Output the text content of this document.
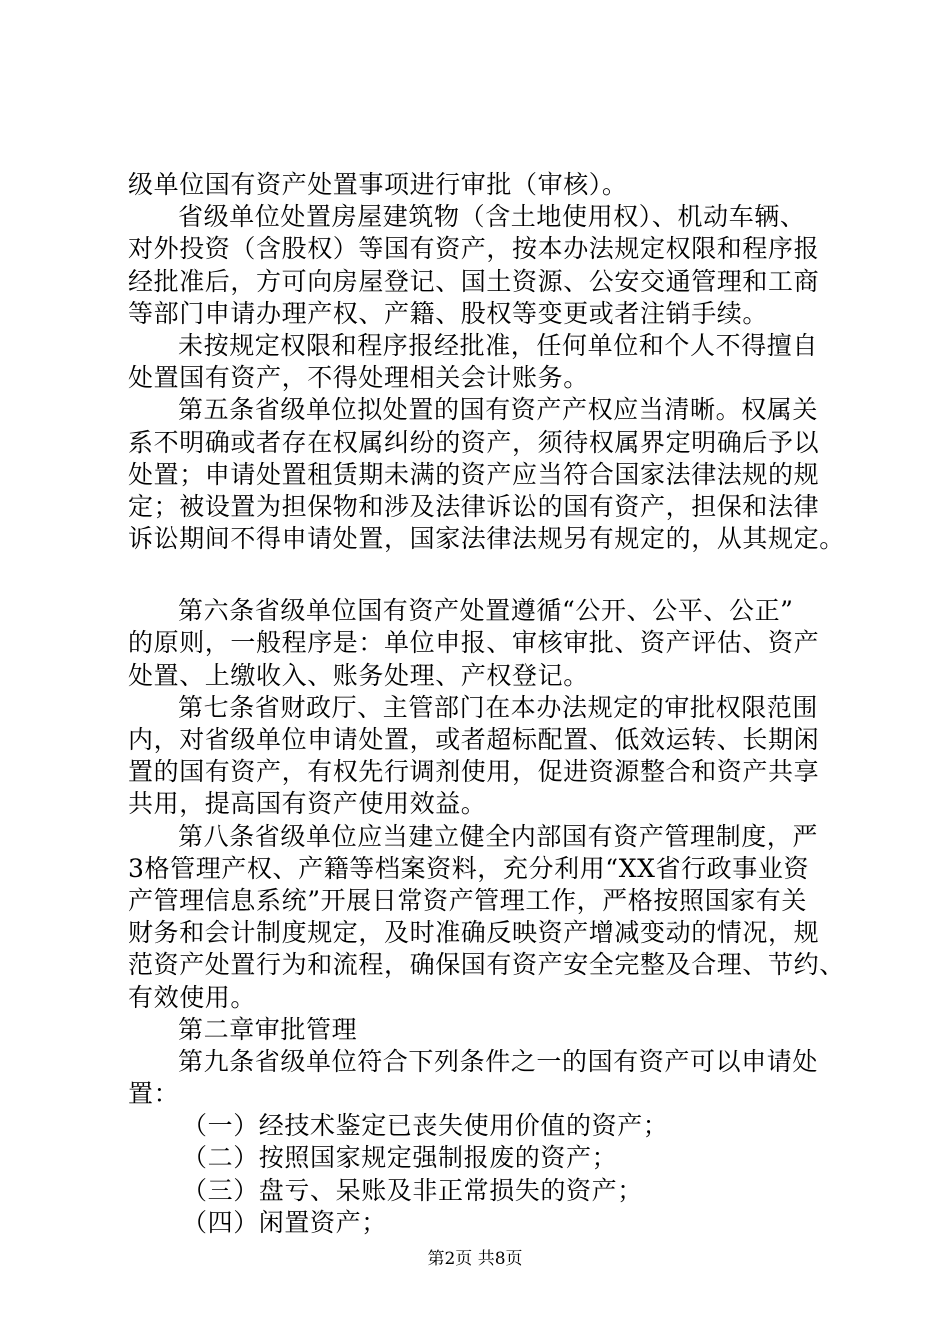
级单位国有资产处置事项进行审批（审核）。
省级单位处置房屋建筑物（含土地使用权）、机动车辆、
对外投资（含股权）等国有资产，按本办法规定权限和程序报
经批准后，方可向房屋登记、国土资源、公安交通管理和工商
等部门申请办理产权、产籍、股权等变更或者注销手续。
未按规定权限和程序报经批准，任何单位和个人不得擅自
处置国有资产，不得处理相关会计账务。
第五条省级单位拟处置的国有资产产权应当清晰。权属关
系不明确或者存在权属纠纷的资产，须待权属界定明确后予以
处置；申请处置租赁期未满的资产应当符合国家法律法规的规
定；被设置为担保物和涉及法律诉讼的国有资产，担保和法律
诉讼期间不得申请处置，国家法律法规另有规定的，从其规定。
第六条省级单位国有资产处置遵循“公开、公平、公正”
的原则，一般程序是：单位申报、审核审批、资产评估、资产
处置、上缴收入、账务处理、产权登记。
第七条省财政厅、主管部门在本办法规定的审批权限范围
内，对省级单位申请处置，或者超标配置、低效运转、长期闲
置的国有资产，有权先行调剂使用，促进资源整合和资产共享
共用，提高国有资产使用效益。
第八条省级单位应当建立健全内部国有资产管理制度，严
3格管理产权、产籍等档案资料，充分利用“XX省行政事业资
产管理信息系统”开展日常资产管理工作，严格按照国家有关
财务和会计制度规定，及时准确反映资产增减变动的情况，规
范资产处置行为和流程，确保国有资产安全完整及合理、节约、
有效使用。
第二章审批管理
第九条省级单位符合下列条件之一的国有资产可以申请处
置：
（一）经技术鉴定已丧失使用价值的资产；
（二）按照国家规定强制报废的资产；
（三）盘亏、呆账及非正常损失的资产；
（四）闲置资产；
第2页 共8页
